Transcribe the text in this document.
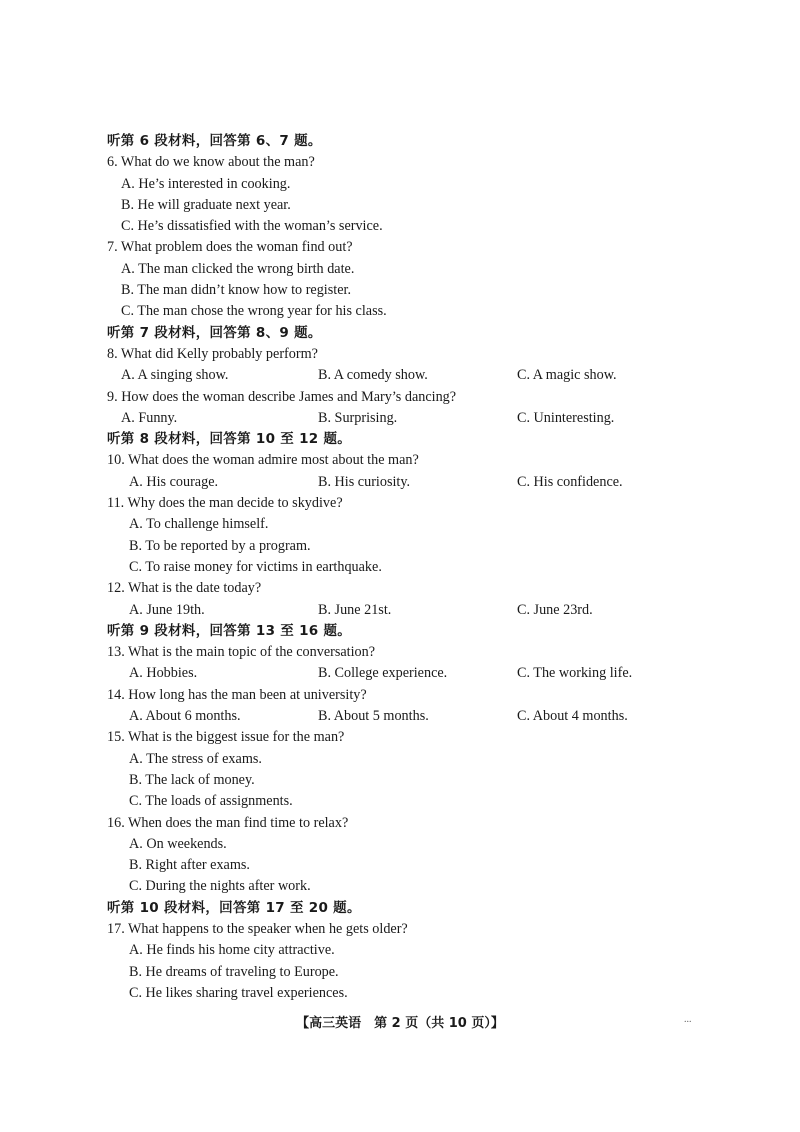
听第 6 段材料，回答第 6、7 题。
6. What do we know about the man?
A. He’s interested in cooking.
B. He will graduate next year.
C. He’s dissatisfied with the woman’s service.
7. What problem does the woman find out?
A. The man clicked the wrong birth date.
B. The man didn’t know how to register.
C. The man chose the wrong year for his class.
听第 7 段材料，回答第 8、9 题。
8. What did Kelly probably perform?
A. A singing show.	B. A comedy show.	C. A magic show.
9. How does the woman describe James and Mary’s dancing?
A. Funny.	B. Surprising.	C. Uninteresting.
听第 8 段材料，回答第 10 至 12 题。
10. What does the woman admire most about the man?
A. His courage.	B. His curiosity.	C. His confidence.
11. Why does the man decide to skydive?
A. To challenge himself.
B. To be reported by a program.
C. To raise money for victims in earthquake.
12. What is the date today?
A. June 19th.	B. June 21st.	C. June 23rd.
听第 9 段材料，回答第 13 至 16 题。
13. What is the main topic of the conversation?
A. Hobbies.	B. College experience.	C. The working life.
14. How long has the man been at university?
A. About 6 months.	B. About 5 months.	C. About 4 months.
15. What is the biggest issue for the man?
A. The stress of exams.
B. The lack of money.
C. The loads of assignments.
16. When does the man find time to relax?
A. On weekends.
B. Right after exams.
C. During the nights after work.
听第 10 段材料，回答第 17 至 20 题。
17. What happens to the speaker when he gets older?
A. He finds his home city attractive.
B. He dreams of traveling to Europe.
C. He likes sharing travel experiences.
【高三英语　第 2 页（共 10 页）】	...
